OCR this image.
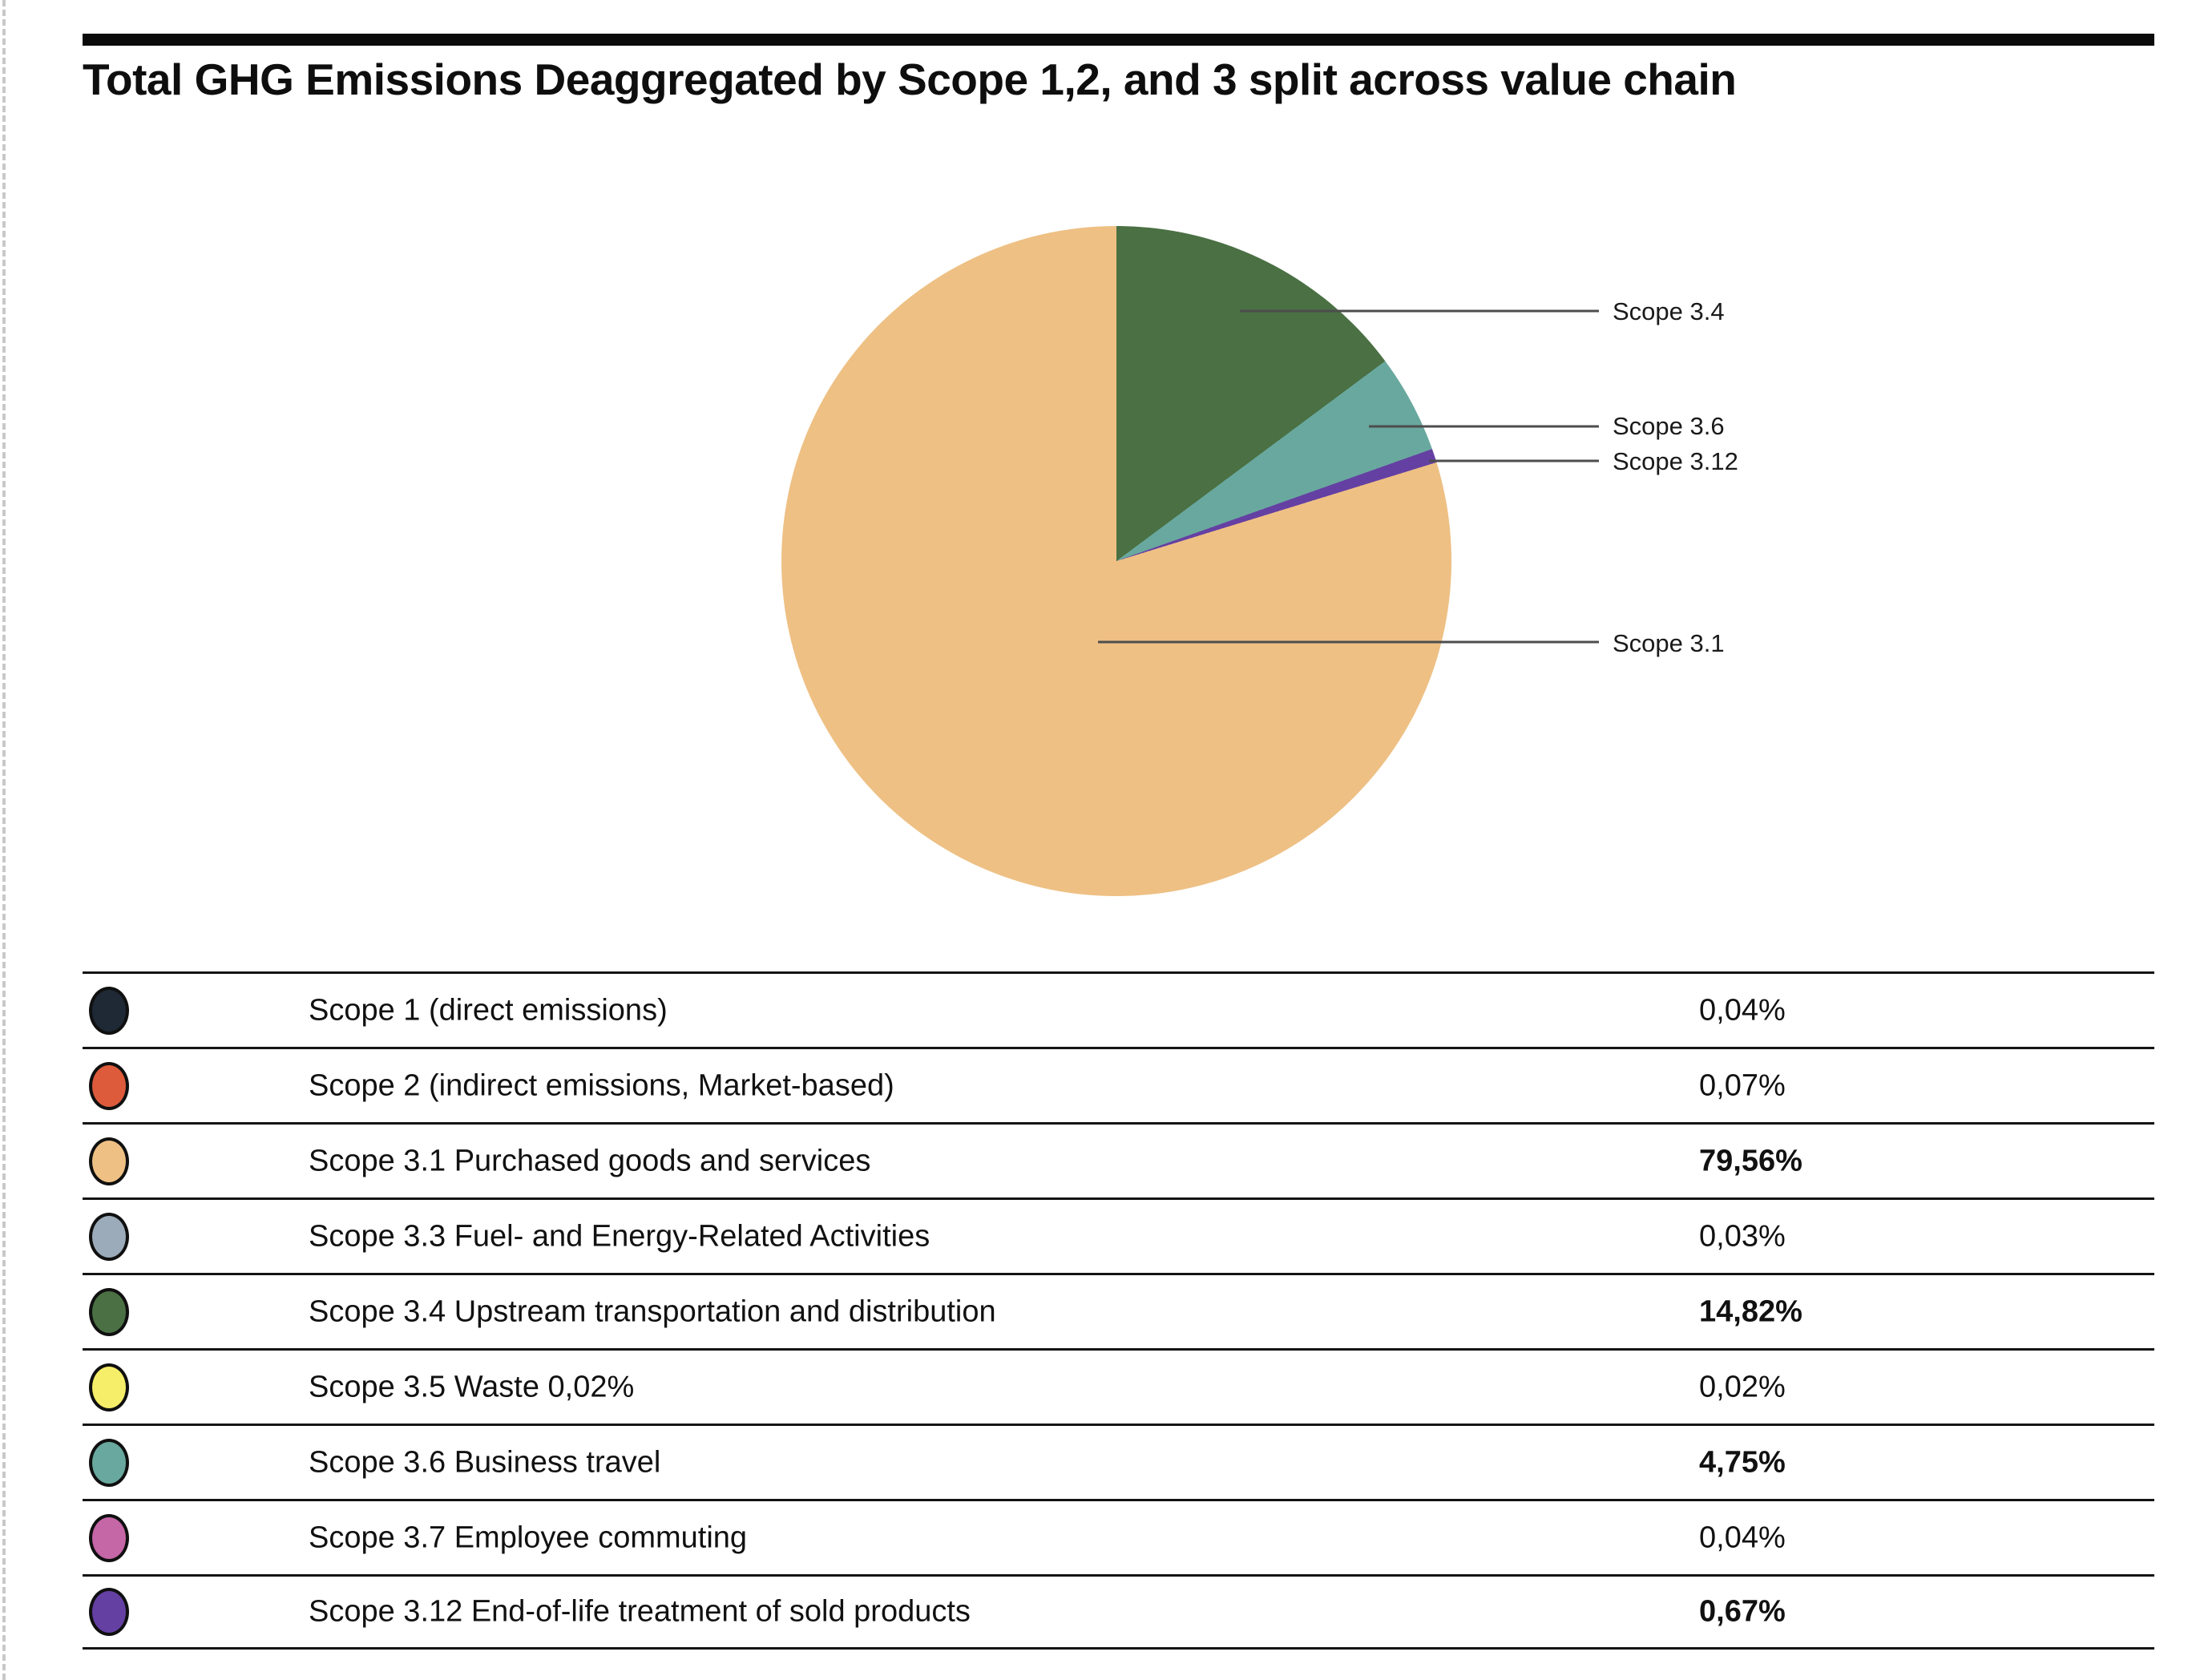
Total GHG Emissions Deaggregated by Scope 1,2, and 3 split across value chain
Scope 3.4
Scope 3.6
Scope 3.12
Scope 3.1
Scope 1 (direct emissions)	0,04%
Scope 2 (indirect emissions, Market-based)	0,07%
Scope 3.1 Purchased goods and services	79,56%
Scope 3.3 Fuel- and Energy-Related Activities	0,03%
Scope 3.4 Upstream transportation and distribution	14,82%
Scope 3.5 Waste 0,02%	0,02%
Scope 3.6 Business travel	4,75%
Scope 3.7 Employee commuting	0,04%
Scope 3.12 End-of-life treatment of sold products	0,67%
